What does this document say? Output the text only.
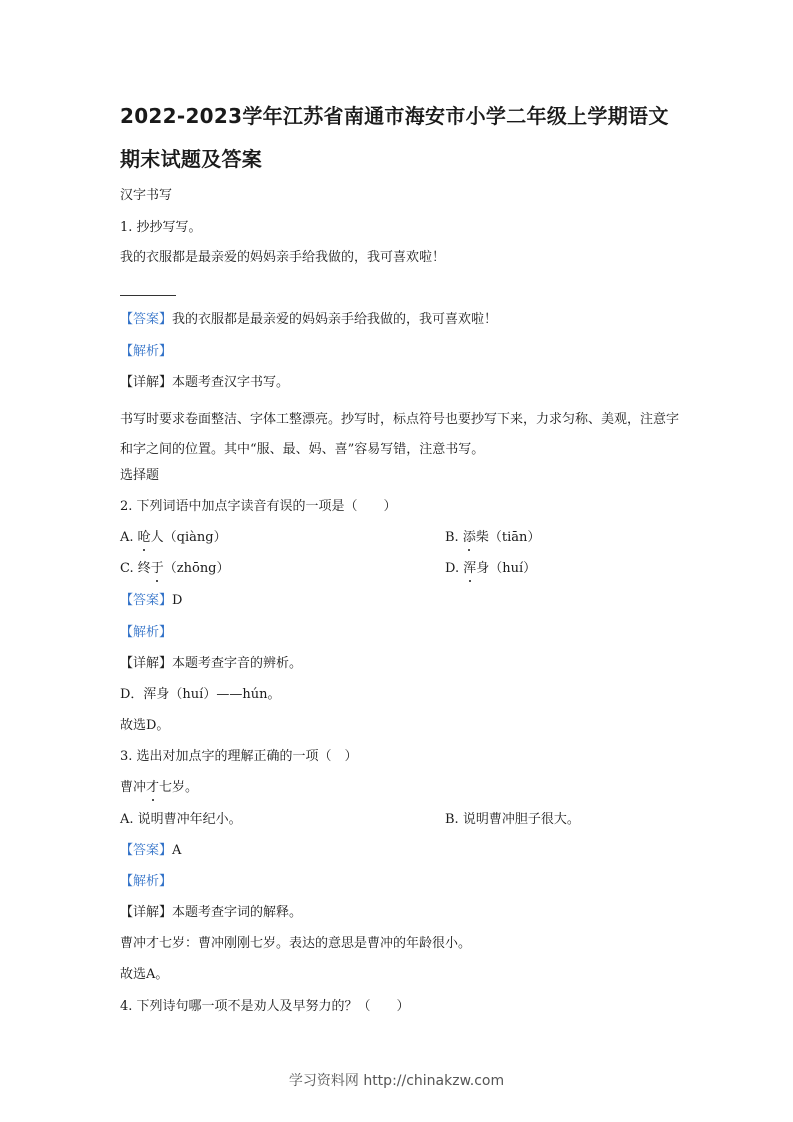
2022-2023学年江苏省南通市海安市小学二年级上学期语文
期末试题及答案
汉字书写
1. 抄抄写写。
我的衣服都是最亲爱的妈妈亲手给我做的，我可喜欢啦！
【答案】我的衣服都是最亲爱的妈妈亲手给我做的，我可喜欢啦！
【解析】
【详解】本题考查汉字书写。
书写时要求卷面整洁、字体工整漂亮。抄写时，标点符号也要抄写下来，力求匀称、美观，注意字和字之间的位置。其中“服、最、妈、喜”容易写错，注意书写。
选择题
2. 下列词语中加点字读音有误的一项是（　　）
A. 呛人（qiàng）	B. 添柴（tiān）
C. 终于（zhōng）	D. 浑身（huí）
【答案】D
【解析】
【详解】本题考查字音的辨析。
D．浑身（huí）——hún。
故选D。
3. 选出对加点字的理解正确的一项（　）
曹冲才七岁。
A. 说明曹冲年纪小。	B. 说明曹冲胆子很大。
【答案】A
【解析】
【详解】本题考查字词的解释。
曹冲才七岁：曹冲刚刚七岁。表达的意思是曹冲的年龄很小。
故选A。
4. 下列诗句哪一项不是劝人及早努力的？（　　）
学习资料网 http://chinakzw.com
